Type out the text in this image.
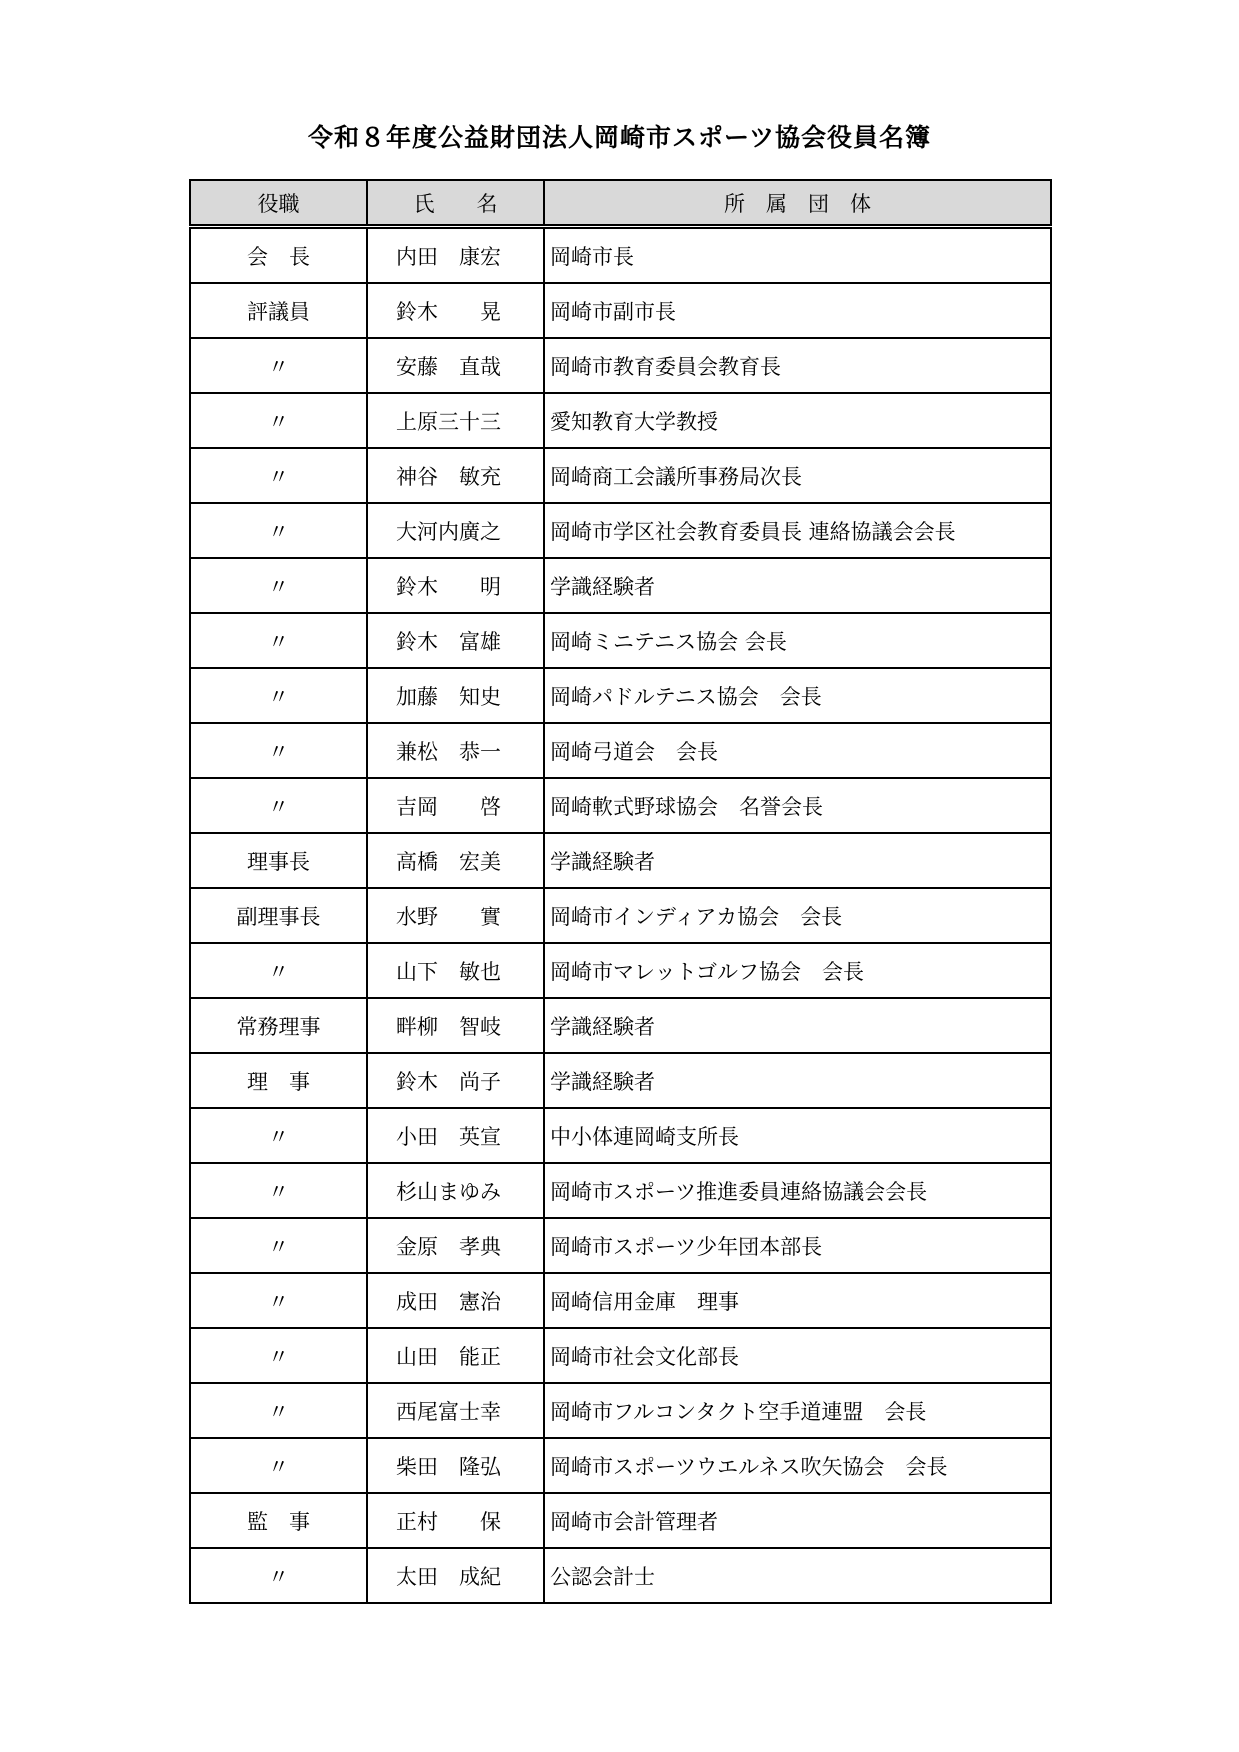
令和８年度公益財団法人岡崎市スポーツ協会役員名簿
役職	氏　　名	所　属　団　体
会　長	内田　康宏	岡崎市長
評議員	鈴木　　晃	岡崎市副市長
〃	安藤　直哉	岡崎市教育委員会教育長
〃	上原三十三	愛知教育大学教授
〃	神谷　敏充	岡崎商工会議所事務局次長
〃	大河内廣之	岡崎市学区社会教育委員長 連絡協議会会長
〃	鈴木　　明	学識経験者
〃	鈴木　富雄	岡崎ミニテニス協会 会長
〃	加藤　知史	岡崎パドルテニス協会　会長
〃	兼松　恭一	岡崎弓道会　会長
〃	吉岡　　啓	岡崎軟式野球協会　名誉会長
理事長	高橋　宏美	学識経験者
副理事長	水野　　實	岡崎市インディアカ協会　会長
〃	山下　敏也	岡崎市マレットゴルフ協会　会長
常務理事	畔柳　智岐	学識経験者
理　事	鈴木　尚子	学識経験者
〃	小田　英宣	中小体連岡崎支所長
〃	杉山まゆみ	岡崎市スポーツ推進委員連絡協議会会長
〃	金原　孝典	岡崎市スポーツ少年団本部長
〃	成田　憲治	岡崎信用金庫　理事
〃	山田　能正	岡崎市社会文化部長
〃	西尾富士幸	岡崎市フルコンタクト空手道連盟　会長
〃	柴田　隆弘	岡崎市スポーツウエルネス吹矢協会　会長
監　事	正村　　保	岡崎市会計管理者
〃	太田　成紀	公認会計士
